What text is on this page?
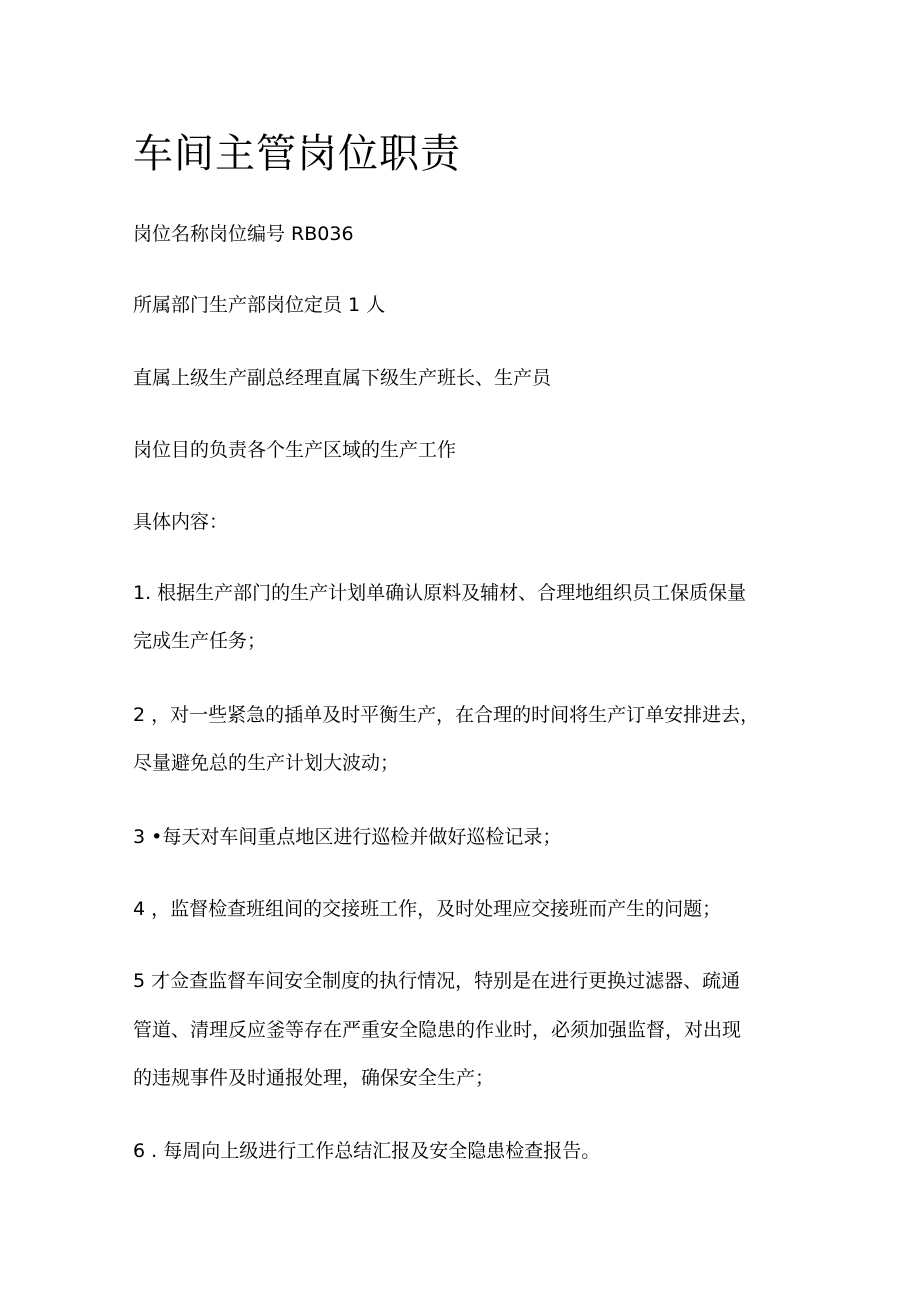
车间主管岗位职责

岗位名称岗位编号 RB036

所属部门生产部岗位定员 1 人

直属上级生产副总经理直属下级生产班长、生产员

岗位目的负责各个生产区域的生产工作

具体内容：

1. 根据生产部门的生产计划单确认原料及辅材、合理地组织员工保质保量

完成生产任务；

2 ，对一些紧急的插单及时平衡生产，在合理的时间将生产订单安排进去，

尽量避免总的生产计划大波动；

3 •每天对车间重点地区进行巡检并做好巡检记录；

4 ，监督检查班组间的交接班工作，及时处理应交接班而产生的问题；

5 才佥查监督车间安全制度的执行情况，特别是在进行更换过滤器、疏通

管道、清理反应釜等存在严重安全隐患的作业时，必须加强监督，对出现

的违规事件及时通报处理，确保安全生产；

6 . 每周向上级进行工作总结汇报及安全隐患检查报告。
